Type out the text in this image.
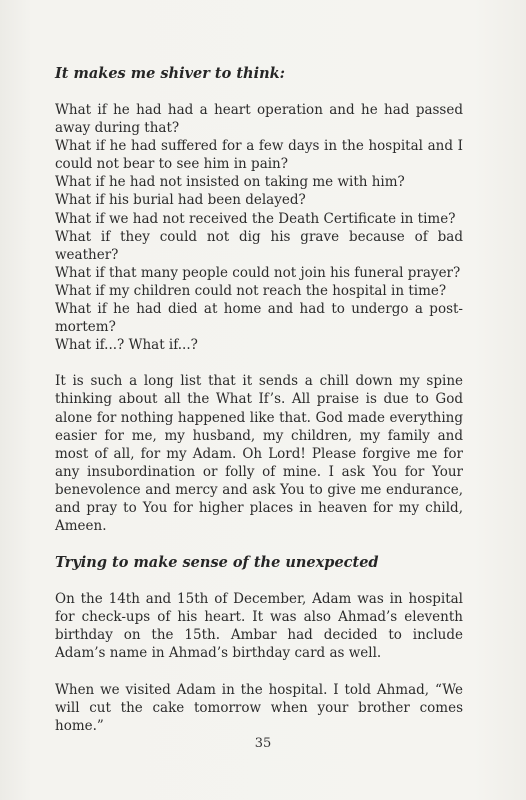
It makes me shiver to think:

What if he had had a heart operation and he had passed away during that?

What if he had suffered for a few days in the hospital and I could not bear to see him in pain?

What if he had not insisted on taking me with him?

What if his burial had been delayed?

What if we had not received the Death Certificate in time?

What if they could not dig his grave because of bad weather?

What if that many people could not join his funeral prayer?

What if my children could not reach the hospital in time?

What if he had died at home and had to undergo a post-mortem?

What if...? What if...?

It is such a long list that it sends a chill down my spine thinking about all the What If’s. All praise is due to God alone for nothing happened like that. God made everything easier for me, my husband, my children, my family and most of all, for my Adam. Oh Lord! Please forgive me for any insubordination or folly of mine. I ask You for Your benevolence and mercy and ask You to give me endurance, and pray to You for higher places in heaven for my child, Ameen.

Trying to make sense of the unexpected

On the 14th and 15th of December, Adam was in hospital for check-ups of his heart. It was also Ahmad’s eleventh birthday on the 15th. Ambar had decided to include Adam’s name in Ahmad’s birthday card as well.

When we visited Adam in the hospital. I told Ahmad, “We will cut the cake tomorrow when your brother comes home.”

35
